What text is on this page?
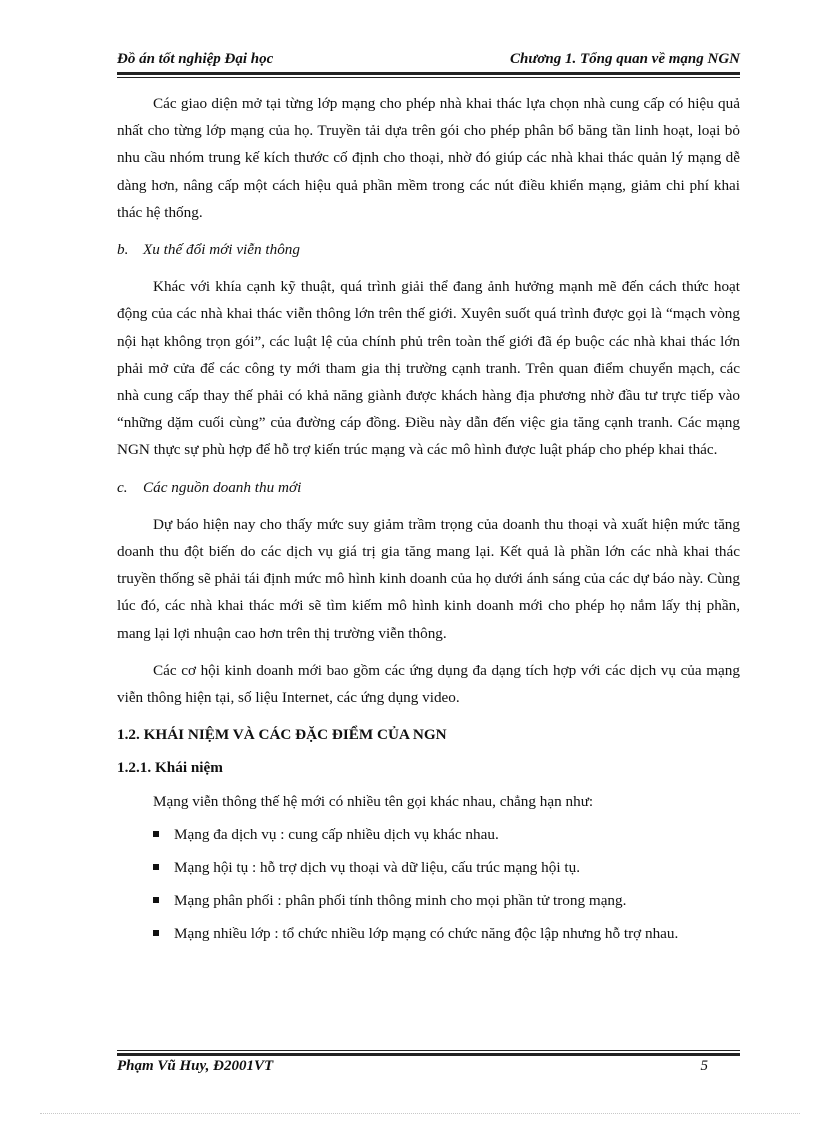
Đồ án tốt nghiệp Đại học	Chương 1. Tổng quan về mạng NGN

Các giao diện mở tại từng lớp mạng cho phép nhà khai thác lựa chọn nhà cung cấp có hiệu quả nhất cho từng lớp mạng của họ. Truyền tải dựa trên gói cho phép phân bổ băng tần linh hoạt, loại bỏ nhu cầu nhóm trung kế kích thước cố định cho thoại, nhờ đó giúp các nhà khai thác quản lý mạng dễ dàng hơn, nâng cấp một cách hiệu quả phần mềm trong các nút điều khiển mạng, giảm chi phí khai thác hệ thống.

b. Xu thế đổi mới viễn thông

Khác với khía cạnh kỹ thuật, quá trình giải thể đang ảnh hưởng mạnh mẽ đến cách thức hoạt động của các nhà khai thác viễn thông lớn trên thế giới. Xuyên suốt quá trình được gọi là “mạch vòng nội hạt không trọn gói”, các luật lệ của chính phủ trên toàn thế giới đã ép buộc các nhà khai thác lớn phải mở cửa để các công ty mới tham gia thị trường cạnh tranh. Trên quan điểm chuyển mạch, các nhà cung cấp thay thế phải có khả năng giành được khách hàng địa phương nhờ đầu tư trực tiếp vào “những dặm cuối cùng” của đường cáp đồng. Điều này dẫn đến việc gia tăng cạnh tranh. Các mạng NGN thực sự phù hợp để hỗ trợ kiến trúc mạng và các mô hình được luật pháp cho phép khai thác.

c. Các nguồn doanh thu mới

Dự báo hiện nay cho thấy mức suy giảm trầm trọng của doanh thu thoại và xuất hiện mức tăng doanh thu đột biến do các dịch vụ giá trị gia tăng mang lại. Kết quả là phần lớn các nhà khai thác truyền thống sẽ phải tái định mức mô hình kinh doanh của họ dưới ánh sáng của các dự báo này. Cùng lúc đó, các nhà khai thác mới sẽ tìm kiếm mô hình kinh doanh mới cho phép họ nắm lấy thị phần, mang lại lợi nhuận cao hơn trên thị trường viễn thông.

Các cơ hội kinh doanh mới bao gồm các ứng dụng đa dạng tích hợp với các dịch vụ của mạng viễn thông hiện tại, số liệu Internet, các ứng dụng video.

1.2. KHÁI NIỆM VÀ CÁC ĐẶC ĐIỂM CỦA NGN
1.2.1. Khái niệm
Mạng viễn thông thế hệ mới có nhiều tên gọi khác nhau, chẳng hạn như:
Mạng đa dịch vụ : cung cấp nhiều dịch vụ khác nhau.
Mạng hội tụ : hỗ trợ dịch vụ thoại và dữ liệu, cấu trúc mạng hội tụ.
Mạng phân phối : phân phối tính thông minh cho mọi phần tử trong mạng.
Mạng nhiều lớp : tổ chức nhiều lớp mạng có chức năng độc lập nhưng hỗ trợ nhau.
Phạm Vũ Huy, Đ2001VT	5
